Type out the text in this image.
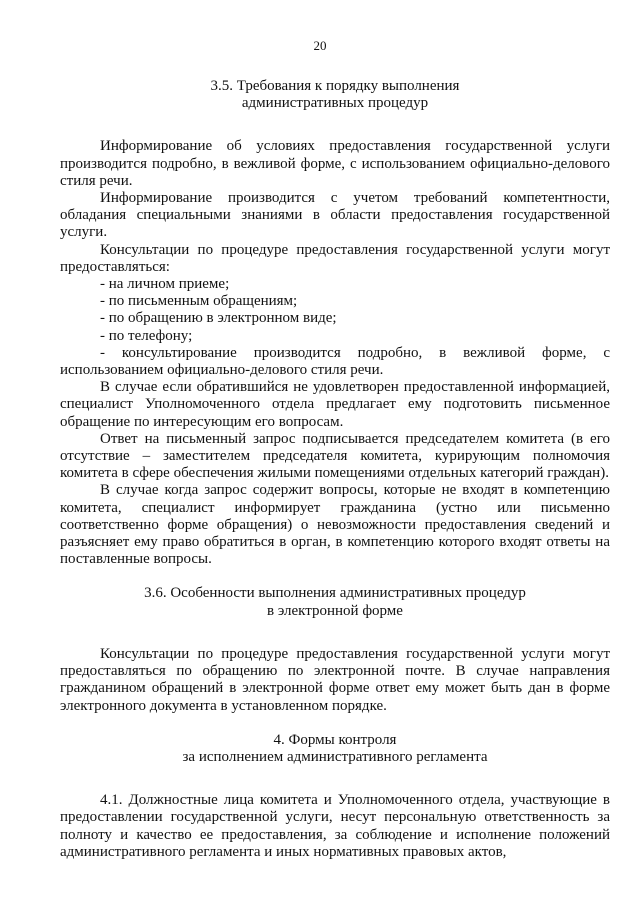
20
3.5. Требования к порядку выполнения
административных процедур

Информирование об условиях предоставления государственной услуги производится подробно, в вежливой форме, с использованием официально-делового стиля речи.

Информирование производится с учетом требований компетентности, обладания специальными знаниями в области предоставления государственной услуги.

Консультации по процедуре предоставления государственной услуги могут предоставляться:

- на личном приеме;

- по письменным обращениям;

- по обращению в электронном виде;

- по телефону;

- консультирование производится подробно, в вежливой форме, с использованием официально-делового стиля речи.

В случае если обратившийся не удовлетворен предоставленной информацией, специалист Уполномоченного отдела предлагает ему подготовить письменное обращение по интересующим его вопросам.

Ответ на письменный запрос подписывается председателем комитета (в его отсутствие – заместителем председателя комитета, курирующим полномочия комитета в сфере обеспечения жилыми помещениями отдельных категорий граждан).

В случае когда запрос содержит вопросы, которые не входят в компетенцию комитета, специалист информирует гражданина (устно или письменно соответственно форме обращения) о невозможности предоставления сведений и разъясняет ему право обратиться в орган, в компетенцию которого входят ответы на поставленные вопросы.

3.6. Особенности выполнения административных процедур
в электронной форме

Консультации по процедуре предоставления государственной услуги могут предоставляться по обращению по электронной почте. В случае направления гражданином обращений в электронной форме ответ ему может быть дан в форме электронного документа в установленном порядке.

4. Формы контроля
за исполнением административного регламента

4.1. Должностные лица комитета и Уполномоченного отдела, участвующие в предоставлении государственной услуги, несут персональную ответственность за полноту и качество ее предоставления, за соблюдение и исполнение положений административного регламента и иных нормативных правовых актов,
